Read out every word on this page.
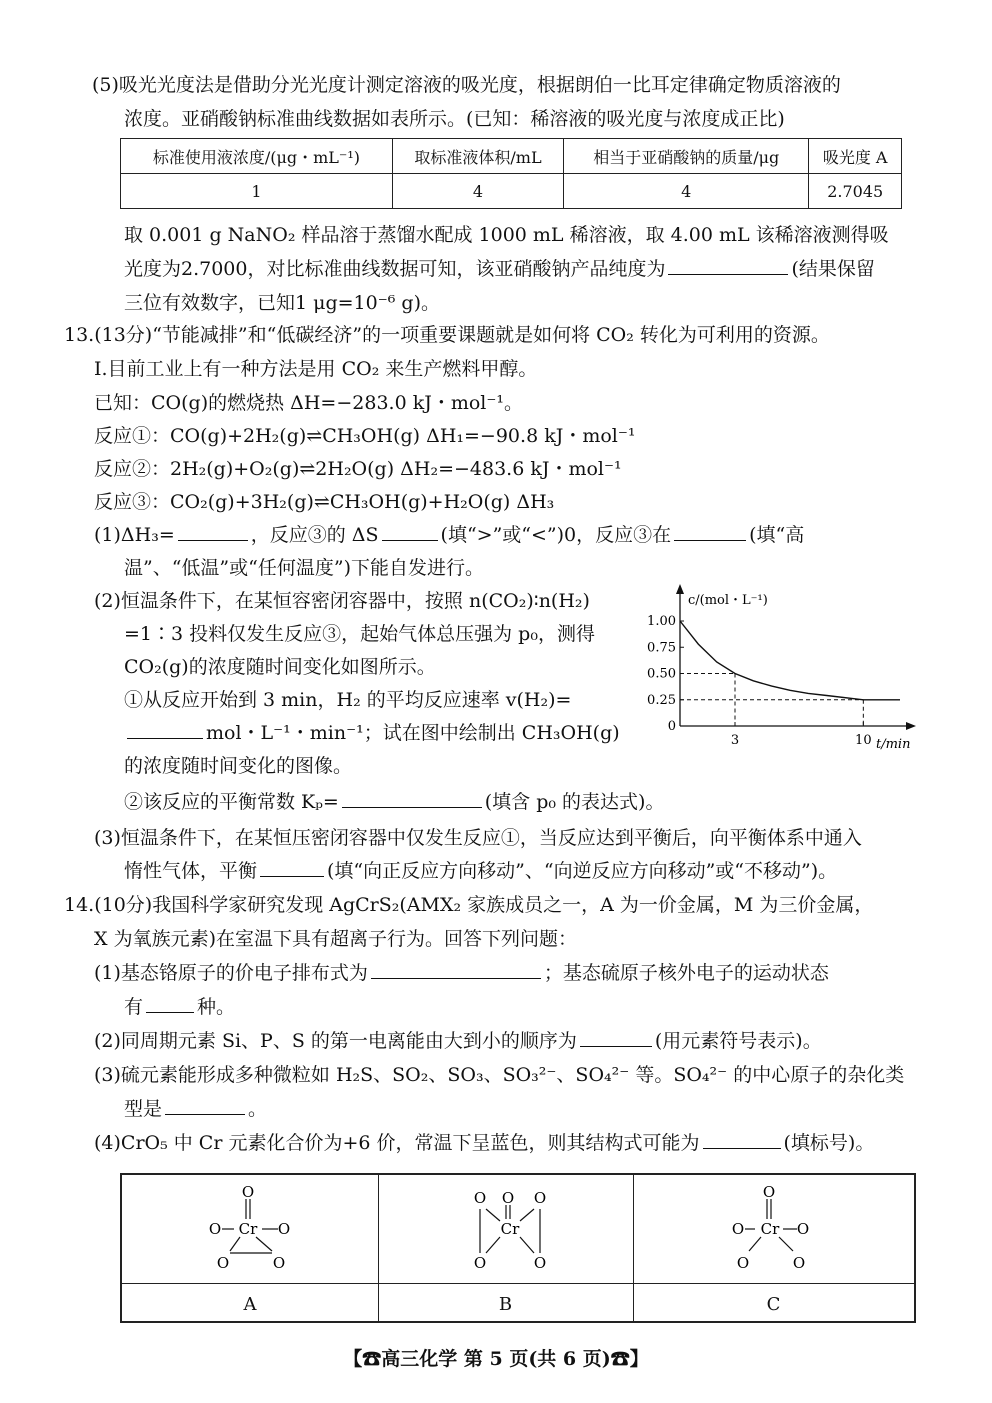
(5)吸光光度法是借助分光光度计测定溶液的吸光度，根据朗伯一比耳定律确定物质溶液的
浓度。亚硝酸钠标准曲线数据如表所示。(已知：稀溶液的吸光度与浓度成正比)
标准使用液浓度/(μg・mL⁻¹)	取标准液体积/mL	相当于亚硝酸钠的质量/μg	吸光度 A
1	4	4	2.7045
取 0.001 g NaNO₂ 样品溶于蒸馏水配成 1000 mL 稀溶液，取 4.00 mL 该稀溶液测得吸
光度为2.7000，对比标准曲线数据可知，该亚硝酸钠产品纯度为	(结果保留
三位有效数字，已知1 μg=10⁻⁶ g)。
13.(13分)“节能减排”和“低碳经济”的一项重要课题就是如何将 CO₂ 转化为可利用的资源。
Ⅰ.目前工业上有一种方法是用 CO₂ 来生产燃料甲醇。
已知：CO(g)的燃烧热 ΔH=−283.0 kJ・mol⁻¹。
反应①：CO(g)+2H₂(g)⇌CH₃OH(g) ΔH₁=−90.8 kJ・mol⁻¹
反应②：2H₂(g)+O₂(g)⇌2H₂O(g) ΔH₂=−483.6 kJ・mol⁻¹
反应③：CO₂(g)+3H₂(g)⇌CH₃OH(g)+H₂O(g) ΔH₃
(1)ΔH₃=	，反应③的 ΔS	(填“>”或“<”)0，反应③在	(填“高
温”、“低温”或“任何温度”)下能自发进行。
(2)恒温条件下，在某恒容密闭容器中，按照 n(CO₂)∶n(H₂)
=1∶3 投料仅发生反应③，起始气体总压强为 p₀，测得
CO₂(g)的浓度随时间变化如图所示。
①从反应开始到 3 min，H₂ 的平均反应速率 v(H₂)=
mol・L⁻¹・min⁻¹；试在图中绘制出 CH₃OH(g)
的浓度随时间变化的图像。
②该反应的平衡常数 Kₚ=	(填含 p₀ 的表达式)。
1.00
0.75
0.50
0.25
0
3	10
c/(mol・L⁻¹)
t/min
(3)恒温条件下，在某恒压密闭容器中仅发生反应①，当反应达到平衡后，向平衡体系中通入
惰性气体，平衡	(填“向正反应方向移动”、“向逆反应方向移动”或“不移动”)。
14.(10分)我国科学家研究发现 AgCrS₂(AMX₂ 家族成员之一，A 为一价金属，M 为三价金属，
X 为氧族元素)在室温下具有超离子行为。回答下列问题：
(1)基态铬原子的价电子排布式为	；基态硫原子核外电子的运动状态
有	种。
(2)同周期元素 Si、P、S 的第一电离能由大到小的顺序为	(用元素符号表示)。
(3)硫元素能形成多种微粒如 H₂S、SO₂、SO₃、SO₃²⁻、SO₄²⁻ 等。SO₄²⁻ 的中心原子的杂化类
型是	。
(4)CrO₅ 中 Cr 元素化合价为+6 价，常温下呈蓝色，则其结构式可能为	(填标号)。
O
O Cr O
O	O
A
O O O
Cr
O	O
B
O
O Cr O
O	O
C
【☎高三化学 第 5 页(共 6 页)☎】
